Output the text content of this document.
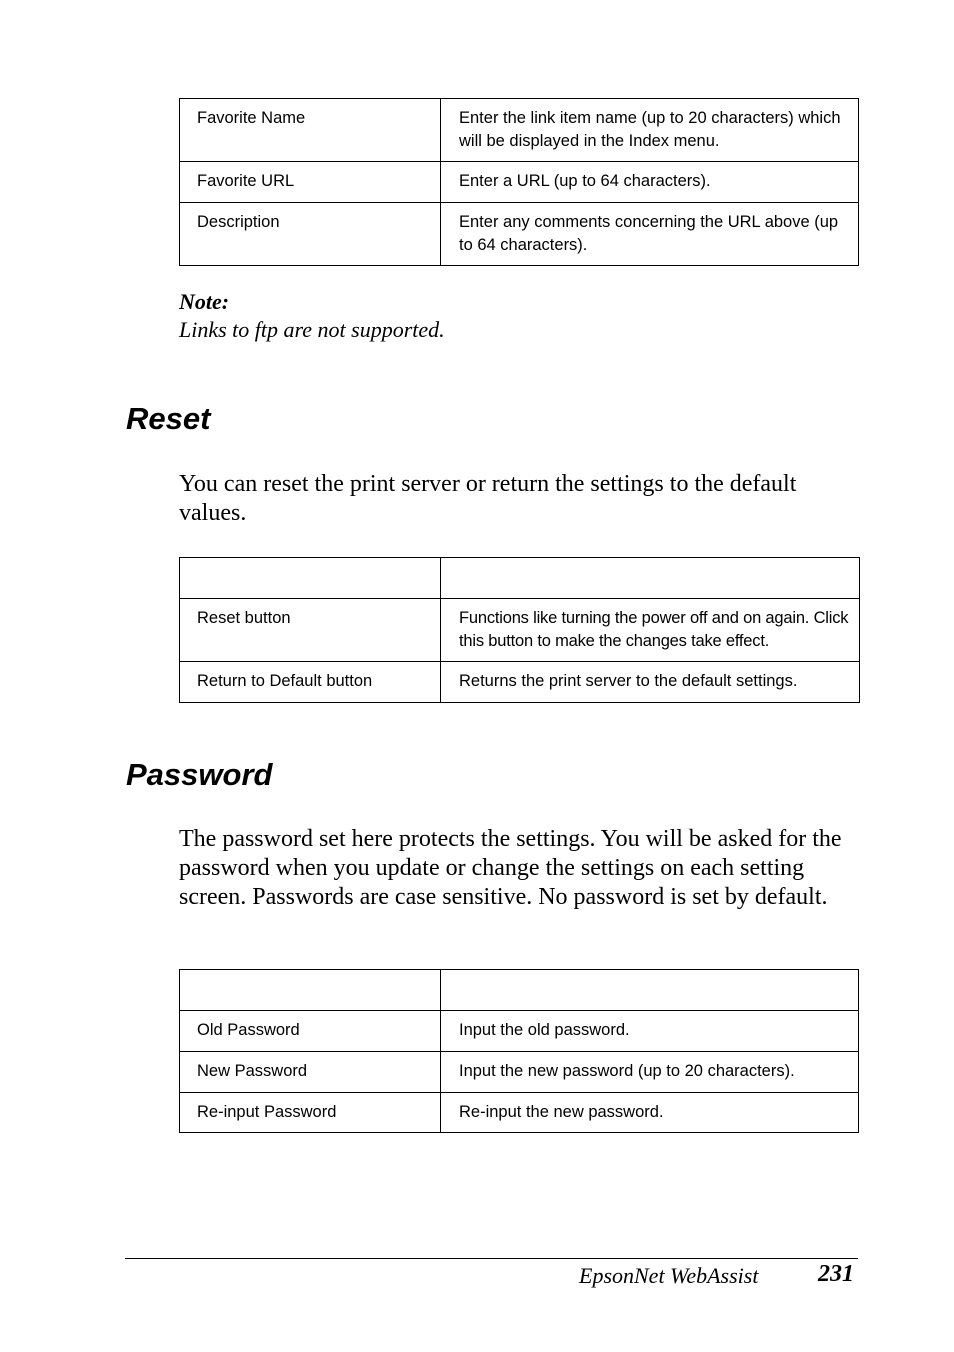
Favorite Name	Enter the link item name (up to 20 characters) which will be displayed in the Index menu.
Favorite URL	Enter a URL (up to 64 characters).
Description	Enter any comments concerning the URL above (up to 64 characters).
Note:
Links to ftp are not supported.
Reset
You can reset the print server or return the settings to the default values.

Reset button	Functions like turning the power off and on again. Click this button to make the changes take effect.
Return to Default button	Returns the print server to the default settings.
Password
The password set here protects the settings. You will be asked for the password when you update or change the settings on each setting screen. Passwords are case sensitive. No password is set by default.

Old Password	Input the old password.
New Password	Input the new password (up to 20 characters).
Re-input Password	Re-input the new password.
EpsonNet WebAssist 231
